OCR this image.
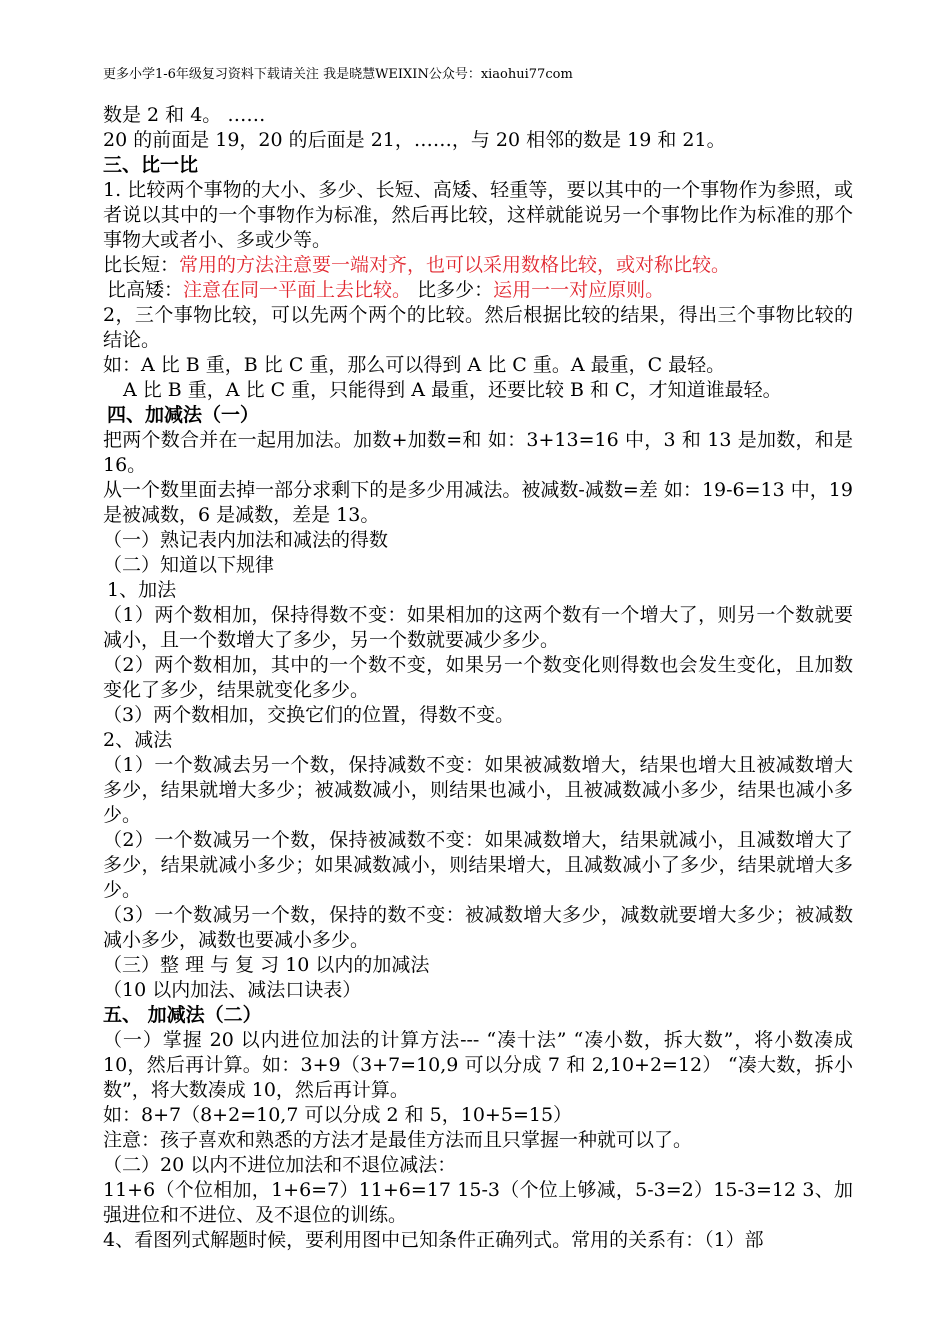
更多小学1-6年级复习资料下载请关注 我是晓慧WEIXIN公众号：xiaohui77com

数是 2 和 4。 ……

20 的前面是 19，20 的后面是 21，……，与 20 相邻的数是 19 和 21。

三、比一比

1. 比较两个事物的大小、多少、长短、高矮、轻重等，要以其中的一个事物作为参照，或者说以其中的一个事物作为标准，然后再比较，这样就能说另一个事物比作为标准的那个事物大或者小、多或少等。

比长短：常用的方法注意要一端对齐，也可以采用数格比较，或对称比较。

比高矮：注意在同一平面上去比较。 比多少：运用一一对应原则。

2，三个事物比较，可以先两个两个的比较。然后根据比较的结果，得出三个事物比较的结论。

如：A 比 B 重，B 比 C 重，那么可以得到 A 比 C 重。A 最重，C 最轻。

A 比 B 重，A 比 C 重，只能得到 A 最重，还要比较 B 和 C，才知道谁最轻。

四、加减法（一）

把两个数合并在一起用加法。加数+加数=和 如：3+13=16 中，3 和 13 是加数，和是 16。

从一个数里面去掉一部分求剩下的是多少用减法。被减数-减数=差 如：19-6=13 中，19 是被减数，6 是减数，差是 13。

（一）熟记表内加法和减法的得数

（二）知道以下规律

1、加法

（1）两个数相加，保持得数不变：如果相加的这两个数有一个增大了，则另一个数就要减小，且一个数增大了多少，另一个数就要减少多少。

（2）两个数相加，其中的一个数不变，如果另一个数变化则得数也会发生变化，且加数变化了多少，结果就变化多少。

（3）两个数相加，交换它们的位置，得数不变。

2、减法

（1）一个数减去另一个数，保持减数不变：如果被减数增大，结果也增大且被减数增大多少，结果就增大多少；被减数减小，则结果也减小，且被减数减小多少，结果也减小多少。

（2）一个数减另一个数，保持被减数不变：如果减数增大，结果就减小，且减数增大了多少，结果就减小多少；如果减数减小，则结果增大，且减数减小了多少，结果就增大多少。

（3）一个数减另一个数，保持的数不变：被减数增大多少，减数就要增大多少；被减数减小多少，减数也要减小多少。

（三）整 理 与 复 习 10 以内的加减法

（10 以内加法、减法口诀表）

五、 加减法（二）

（一）掌握 20 以内进位加法的计算方法--- “凑十法” “凑小数，拆大数”，将小数凑成 10，然后再计算。如：3+9（3+7=10,9 可以分成 7 和 2,10+2=12） “凑大数，拆小数”，将大数凑成 10，然后再计算。

如：8+7（8+2=10,7 可以分成 2 和 5，10+5=15）

注意：孩子喜欢和熟悉的方法才是最佳方法而且只掌握一种就可以了。

（二）20 以内不进位加法和不退位减法：

11+6（个位相加，1+6=7）11+6=17 15-3（个位上够减，5-3=2）15-3=12 3、加强进位和不进位、及不退位的训练。

4、看图列式解题时候，要利用图中已知条件正确列式。常用的关系有：（1）部
